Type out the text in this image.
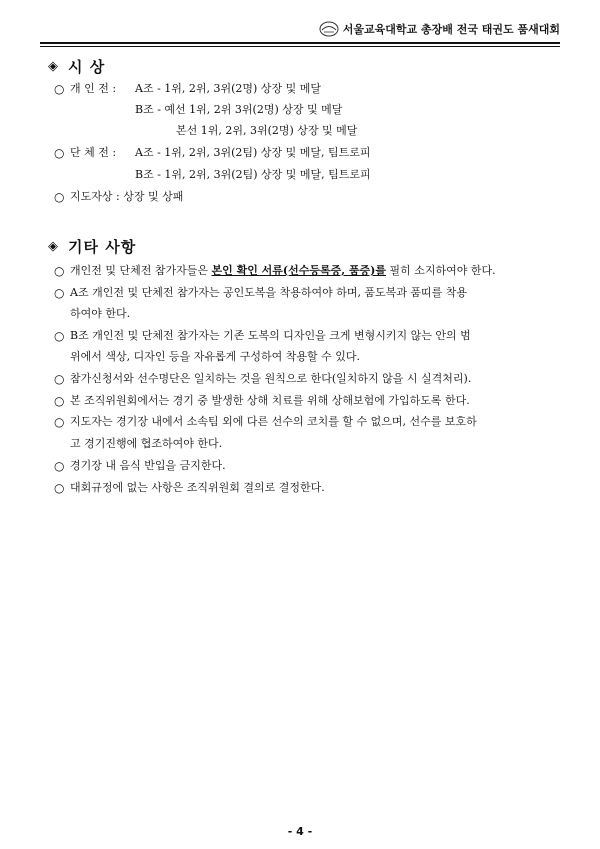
서울교육대학교 총장배 전국 태권도 품새대회
◈ 시 상
○ 개 인 전 : A조 - 1위, 2위, 3위(2명) 상장 및 메달
B조 - 예선 1위, 2위 3위(2명) 상장 및 메달
본선 1위, 2위, 3위(2명) 상장 및 메달
○ 단 체 전 : A조 - 1위, 2위, 3위(2팀) 상장 및 메달, 팀트로피
B조 - 1위, 2위, 3위(2팀) 상장 및 메달, 팀트로피
○ 지도자상 : 상장 및 상패
◈ 기타 사항
○ 개인전 및 단체전 참가자들은 본인 확인 서류(선수등록증, 품증)를 필히 소지하여야 한다.
○ A조 개인전 및 단체전 참가자는 공인도복을 착용하여야 하며, 품도복과 품띠를 착용
하여야 한다.
○ B조 개인전 및 단체전 참가자는 기존 도복의 디자인을 크게 변형시키지 않는 안의 범
위에서 색상, 디자인 등을 자유롭게 구성하여 착용할 수 있다.
○ 참가신청서와 선수명단은 일치하는 것을 원칙으로 한다(일치하지 않을 시 실격처리).
○ 본 조직위원회에서는 경기 중 발생한 상해 치료를 위해 상해보험에 가입하도록 한다.
○ 지도자는 경기장 내에서 소속팀 외에 다른 선수의 코치를 할 수 없으며, 선수를 보호하
고 경기진행에 협조하여야 한다.
○ 경기장 내 음식 반입을 금지한다.
○ 대회규정에 없는 사항은 조직위원회 결의로 결정한다.
- 4 -
